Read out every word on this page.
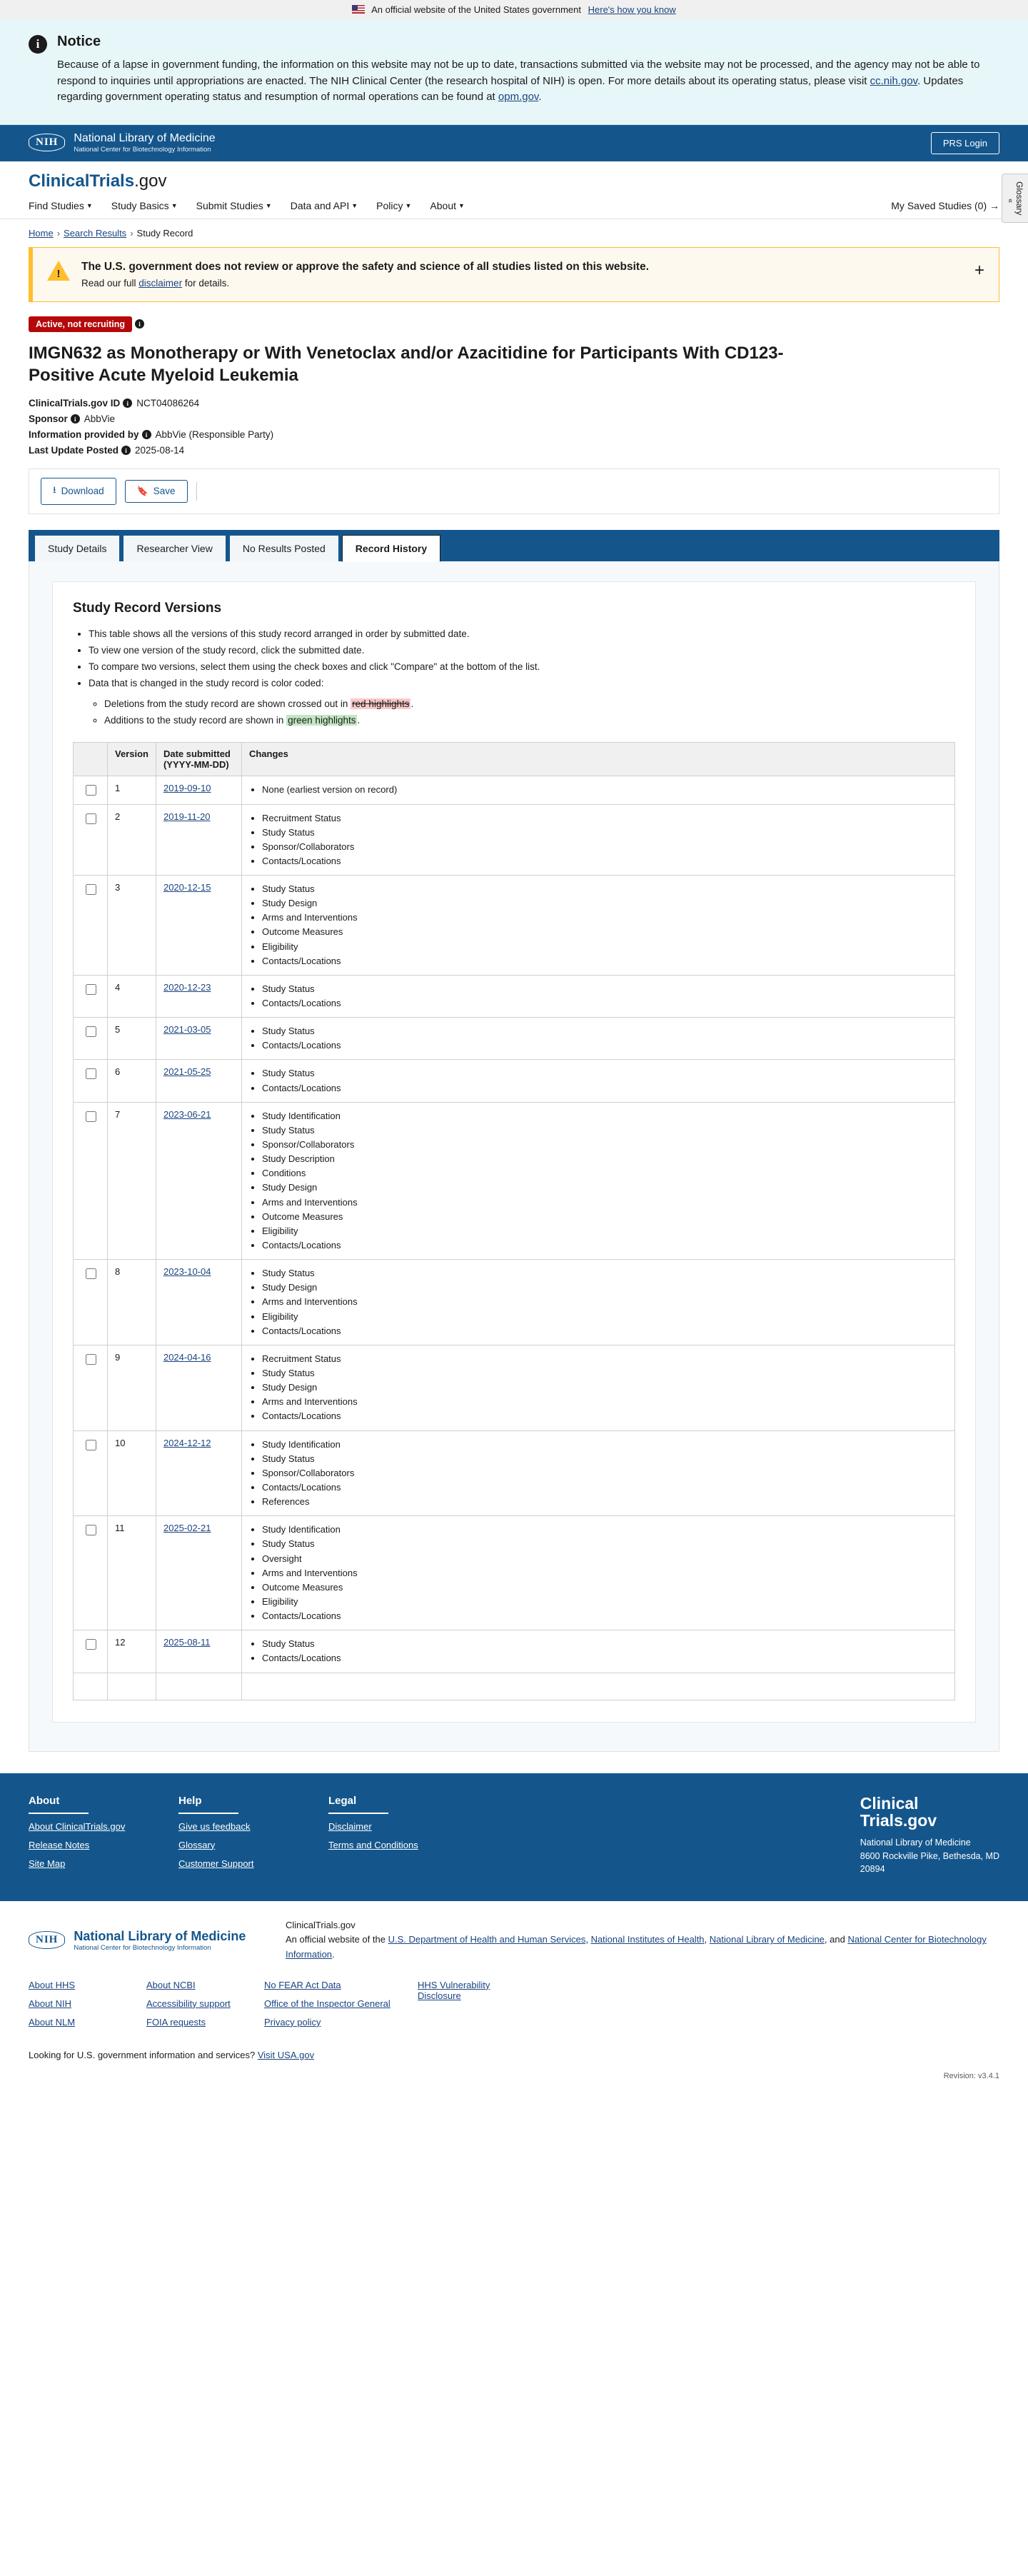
An official website of the United States government Here's how you know
i	Notice
Because of a lapse in government funding, the information on this website may not be up to date, transactions submitted via the website may not be processed, and the agency may not be able to respond to inquiries until appropriations are enacted. The NIH Clinical Center (the research hospital of NIH) is open. For more details about its operating status, please visit cc.nih.gov. Updates regarding government operating status and resumption of normal operations can be found at opm.gov.
Glossary
«
NIH	National Library of Medicine
National Center for Biotechnology Information
PRS Login
ClinicalTrials.gov
Find Studies ▼ Study Basics ▼ Submit Studies ▼ Data and API ▼ Policy ▼ About ▼	My Saved Studies (0) →
Home › Search Results › Study Record
!
The U.S. government does not review or approve the safety and science of all studies listed on this website.
Read our full disclaimer for details.
+
Active, not recruiting i
IMGN632 as Monotherapy or With Venetoclax and/or Azacitidine for Participants With CD123-Positive Acute Myeloid Leukemia
ClinicalTrials.gov ID i NCT04086264
Sponsor i AbbVie
Information provided by i AbbVie (Responsible Party)
Last Update Posted i 2025-08-14
⭳ Download	🔖 Save
Study Details	Researcher View	No Results Posted	Record History
Study Record Versions
• This table shows all the versions of this study record arranged in order by submitted date.
• To view one version of the study record, click the submitted date.
• To compare two versions, select them using the check boxes and click "Compare" at the bottom of the list.
• Data that is changed in the study record is color coded:
◦ Deletions from the study record are shown crossed out in red highlights .
◦ Additions to the study record are shown in green highlights .
	Version	Date submitted (YYYY-MM-DD)	Changes
	1	2019-09-10	
•None (earliest version on record)

	2	2019-11-20	
•Recruitment Status
• Study Status
• Sponsor/Collaborators
• Contacts/Locations

	3	2020-12-15	
•Study Status
• Study Design
• Arms and Interventions
• Outcome Measures
• Eligibility
• Contacts/Locations

	4	2020-12-23	
•Study Status
• Contacts/Locations

	5	2021-03-05	
•Study Status
• Contacts/Locations

	6	2021-05-25	
•Study Status
• Contacts/Locations

	7	2023-06-21	
•Study Identification
• Study Status
• Sponsor/Collaborators
• Study Description
• Conditions
• Study Design
• Arms and Interventions
• Outcome Measures
• Eligibility
• Contacts/Locations

	8	2023-10-04	
•Study Status
• Study Design
• Arms and Interventions
• Eligibility
• Contacts/Locations

	9	2024-04-16	
•Recruitment Status
• Study Status
• Study Design
• Arms and Interventions
• Contacts/Locations

	10	2024-12-12	
•Study Identification
• Study Status
• Sponsor/Collaborators
• Contacts/Locations
• References

	11	2025-02-21	
•Study Identification
• Study Status
• Oversight
• Arms and Interventions
• Outcome Measures
• Eligibility
• Contacts/Locations

	12	2025-08-11	
•Study Status
• Contacts/Locations

About
About ClinicalTrials.gov
Release Notes
Site Map
Help
Give us feedback
Glossary
Customer Support
Legal
Disclaimer
Terms and Conditions
Clinical
Trials.gov
National Library of Medicine
8600 Rockville Pike, Bethesda, MD
20894
NIH	National Library of Medicine
National Center for Biotechnology Information
ClinicalTrials.gov
An official website of the U.S. Department of Health and Human Services, National Institutes of Health, National Library of Medicine, and National Center for Biotechnology Information.
About HHS
About NIH
About NLM
About NCBI
Accessibility support
FOIA requests
No FEAR Act Data
Office of the Inspector General
Privacy policy
HHS Vulnerability Disclosure
Looking for U.S. government information and services? Visit USA.gov
Revision: v3.4.1
